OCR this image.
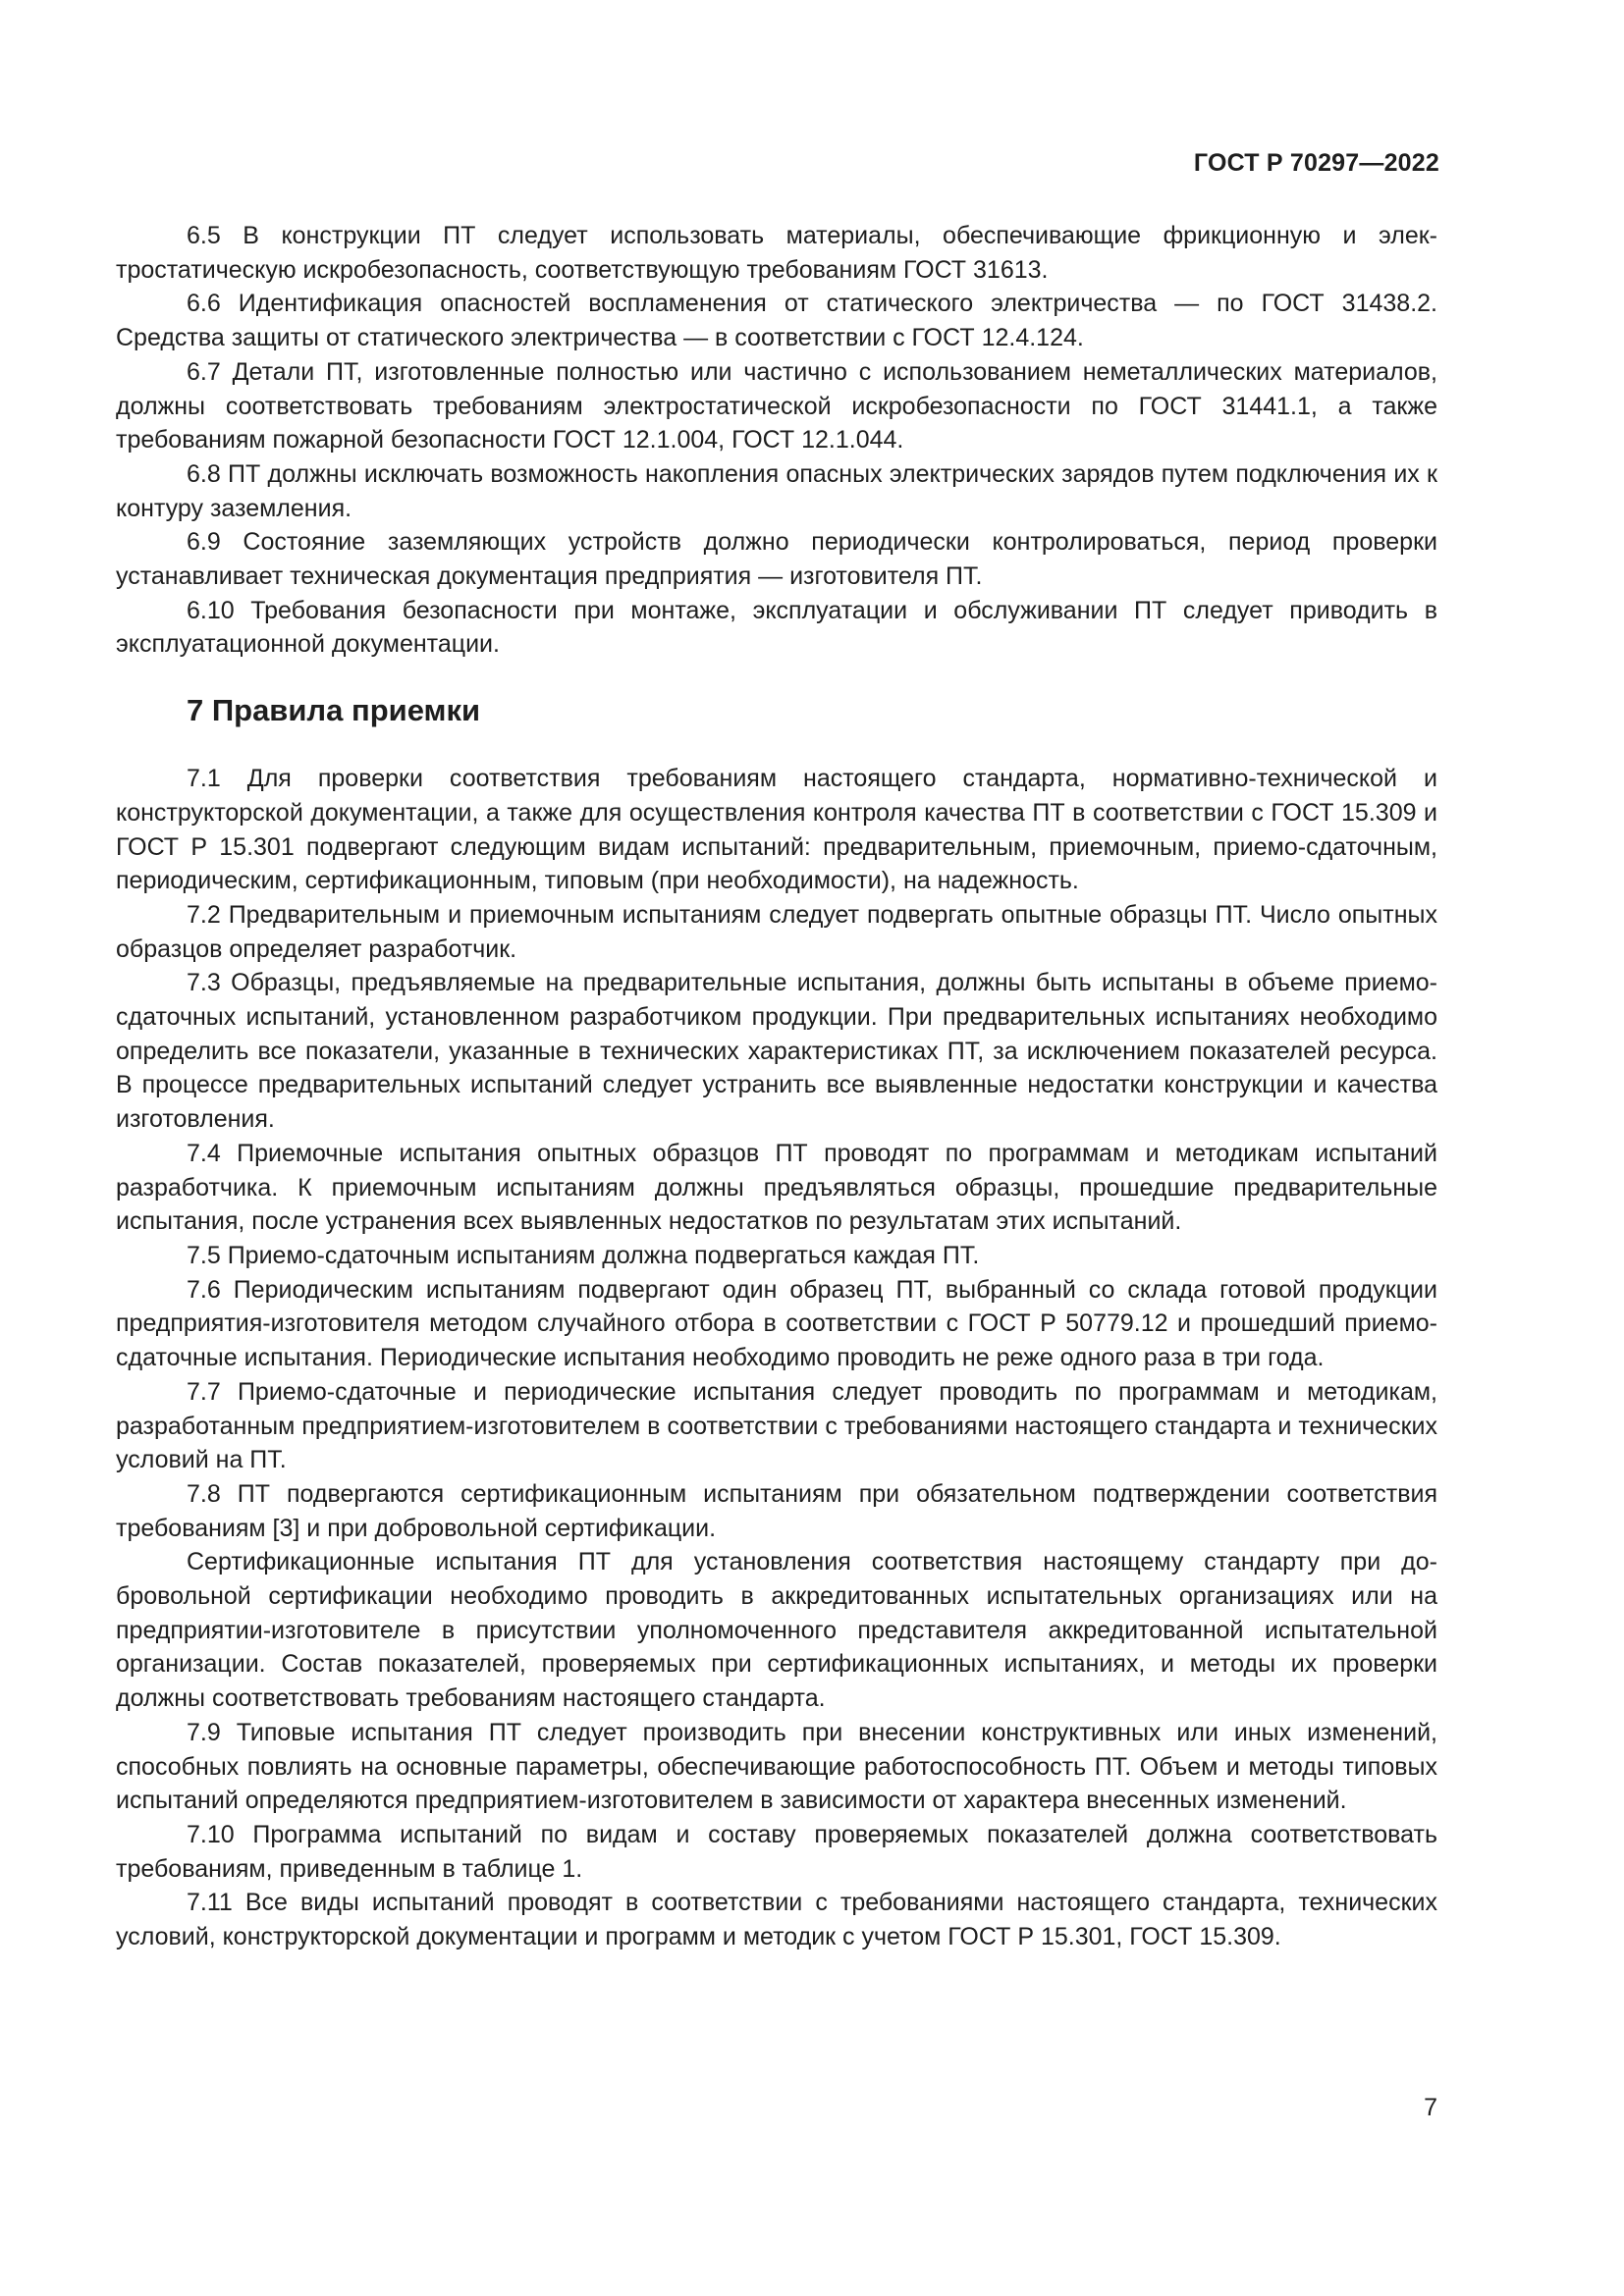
ГОСТ Р 70297—2022

6.5 В конструкции ПТ следует использовать материалы, обеспечивающие фрикционную и электростатическую искробезопасность, соответствующую требованиям ГОСТ 31613.

6.6 Идентификация опасностей воспламенения от статического электричества — по ГОСТ 31438.2. Средства защиты от статического электричества — в соответствии с ГОСТ 12.4.124.

6.7 Детали ПТ, изготовленные полностью или частично с использованием неметаллических материалов, должны соответствовать требованиям электростатической искробезопасности по ГОСТ 31441.1, а также требованиям пожарной безопасности ГОСТ 12.1.004, ГОСТ 12.1.044.

6.8 ПТ должны исключать возможность накопления опасных электрических зарядов путем подключения их к контуру заземления.

6.9 Состояние заземляющих устройств должно периодически контролироваться, период проверки устанавливает техническая документация предприятия — изготовителя ПТ.

6.10 Требования безопасности при монтаже, эксплуатации и обслуживании ПТ следует приводить в эксплуатационной документации.

7 Правила приемки

7.1 Для проверки соответствия требованиям настоящего стандарта, нормативно-технической и конструкторской документации, а также для осуществления контроля качества ПТ в соответствии с ГОСТ 15.309 и ГОСТ Р 15.301 подвергают следующим видам испытаний: предварительным, приемочным, приемо-сдаточным, периодическим, сертификационным, типовым (при необходимости), на надежность.

7.2 Предварительным и приемочным испытаниям следует подвергать опытные образцы ПТ. Число опытных образцов определяет разработчик.

7.3 Образцы, предъявляемые на предварительные испытания, должны быть испытаны в объеме приемо-сдаточных испытаний, установленном разработчиком продукции. При предварительных испытаниях необходимо определить все показатели, указанные в технических характеристиках ПТ, за исключением показателей ресурса. В процессе предварительных испытаний следует устранить все выявленные недостатки конструкции и качества изготовления.

7.4 Приемочные испытания опытных образцов ПТ проводят по программам и методикам испытаний разработчика. К приемочным испытаниям должны предъявляться образцы, прошедшие предварительные испытания, после устранения всех выявленных недостатков по результатам этих испытаний.

7.5 Приемо-сдаточным испытаниям должна подвергаться каждая ПТ.

7.6 Периодическим испытаниям подвергают один образец ПТ, выбранный со склада готовой продукции предприятия-изготовителя методом случайного отбора в соответствии с ГОСТ Р 50779.12 и прошедший приемо-сдаточные испытания. Периодические испытания необходимо проводить не реже одного раза в три года.

7.7 Приемо-сдаточные и периодические испытания следует проводить по программам и методикам, разработанным предприятием-изготовителем в соответствии с требованиями настоящего стандарта и технических условий на ПТ.

7.8 ПТ подвергаются сертификационным испытаниям при обязательном подтверждении соответствия требованиям [3] и при добровольной сертификации.

Сертификационные испытания ПТ для установления соответствия настоящему стандарту при добровольной сертификации необходимо проводить в аккредитованных испытательных организациях или на предприятии-изготовителе в присутствии уполномоченного представителя аккредитованной испытательной организации. Состав показателей, проверяемых при сертификационных испытаниях, и методы их проверки должны соответствовать требованиям настоящего стандарта.

7.9 Типовые испытания ПТ следует производить при внесении конструктивных или иных изменений, способных повлиять на основные параметры, обеспечивающие работоспособность ПТ. Объем и методы типовых испытаний определяются предприятием-изготовителем в зависимости от характера внесенных изменений.

7.10 Программа испытаний по видам и составу проверяемых показателей должна соответствовать требованиям, приведенным в таблице 1.

7.11 Все виды испытаний проводят в соответствии с требованиями настоящего стандарта, технических условий, конструкторской документации и программ и методик с учетом ГОСТ Р 15.301, ГОСТ 15.309.

7
